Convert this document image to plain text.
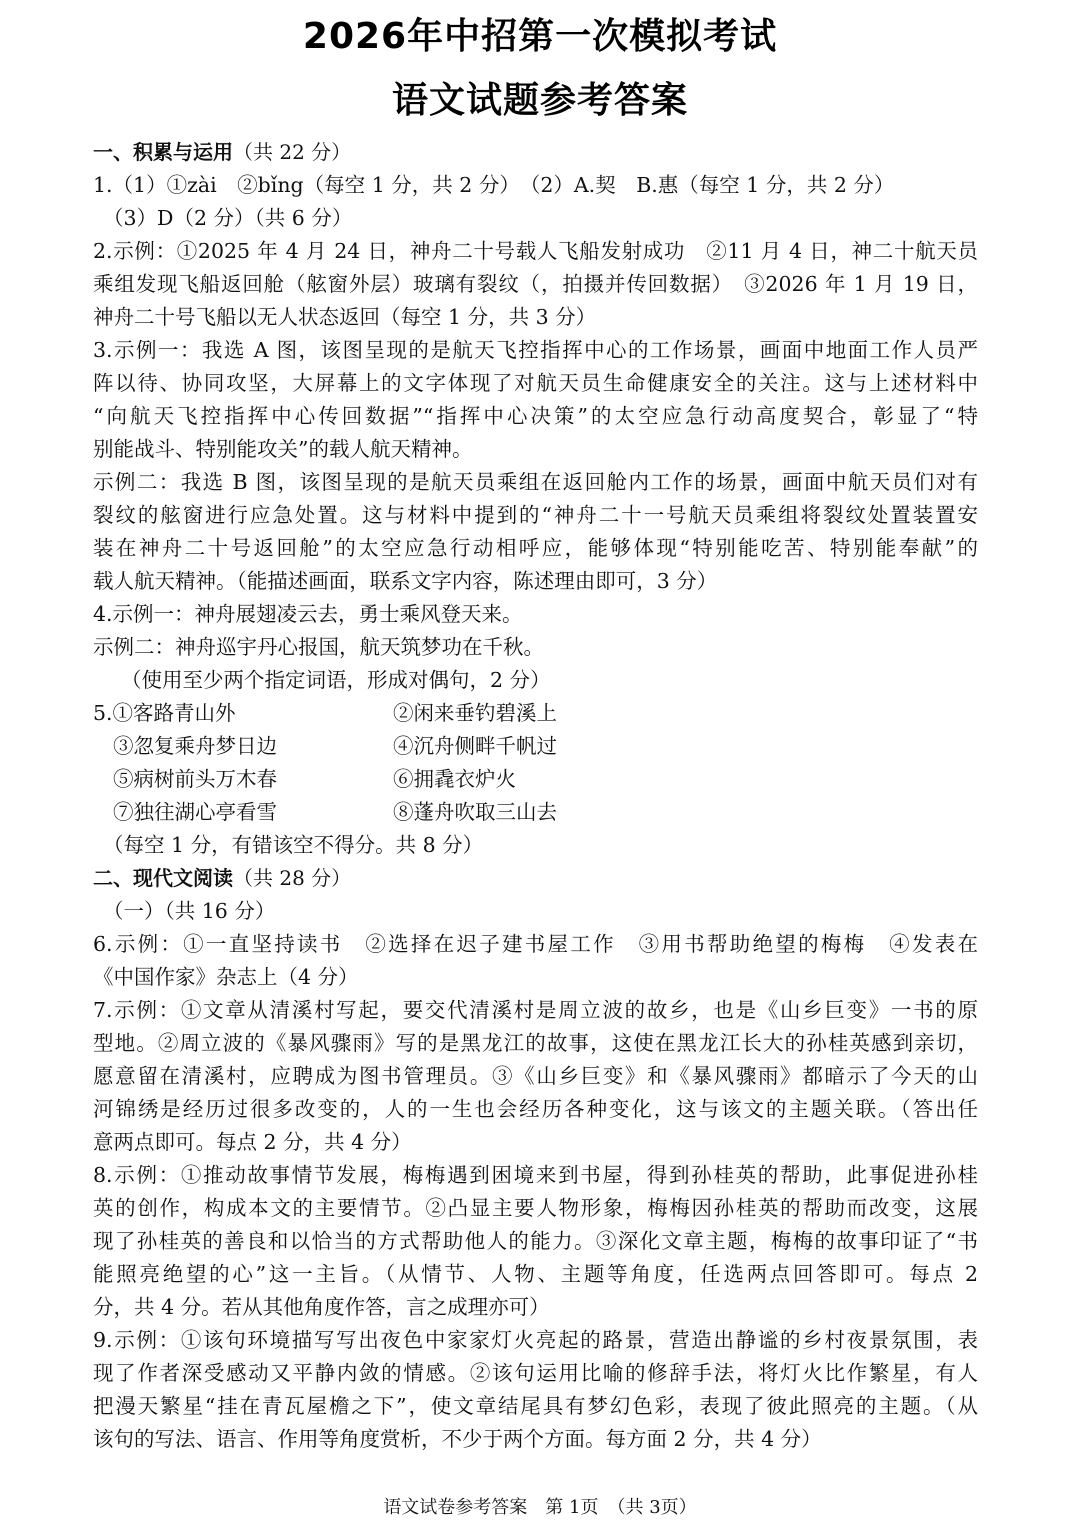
2026年中招第一次模拟考试
语文试题参考答案
一、积累与运用（共 22 分）
1.（1）①zài　②bǐng（每空 1 分，共 2 分）　（2）A.契　B.惠（每空 1 分，共 2 分）
（3）D（2 分）（共 6 分）
2.示例：①2025 年 4 月 24 日，神舟二十号载人飞船发射成功　②11 月 4 日，神二十航天员
乘组发现飞船返回舱（舷窗外层）玻璃有裂纹（，拍摄并传回数据）　③2026 年 1 月 19 日，
神舟二十号飞船以无人状态返回（每空 1 分，共 3 分）
3.示例一：我选 A 图，该图呈现的是航天飞控指挥中心的工作场景，画面中地面工作人员严
阵以待、协同攻坚，大屏幕上的文字体现了对航天员生命健康安全的关注。这与上述材料中
“向航天飞控指挥中心传回数据”“指挥中心决策”的太空应急行动高度契合，彰显了“特
别能战斗、特别能攻关”的载人航天精神。
示例二：我选 B 图，该图呈现的是航天员乘组在返回舱内工作的场景，画面中航天员们对有
裂纹的舷窗进行应急处置。这与材料中提到的“神舟二十一号航天员乘组将裂纹处置装置安
装在神舟二十号返回舱”的太空应急行动相呼应，能够体现“特别能吃苦、特别能奉献”的
载人航天精神。（能描述画面，联系文字内容，陈述理由即可，3 分）
4.示例一：神舟展翅凌云去，勇士乘风登天来。
示例二：神舟巡宇丹心报国，航天筑梦功在千秋。
（使用至少两个指定词语，形成对偶句，2 分）
5.①客路青山外	②闲来垂钓碧溪上
③忽复乘舟梦日边	④沉舟侧畔千帆过
⑤病树前头万木春	⑥拥毳衣炉火
⑦独往湖心亭看雪	⑧蓬舟吹取三山去
（每空 1 分，有错该空不得分。共 8 分）
二、现代文阅读（共 28 分）
（一）（共 16 分）
6.示例：①一直坚持读书　②选择在迟子建书屋工作　③用书帮助绝望的梅梅　④发表在
《中国作家》杂志上（4 分）
7.示例：①文章从清溪村写起，要交代清溪村是周立波的故乡，也是《山乡巨变》一书的原
型地。②周立波的《暴风骤雨》写的是黑龙江的故事，这使在黑龙江长大的孙桂英感到亲切，
愿意留在清溪村，应聘成为图书管理员。③《山乡巨变》和《暴风骤雨》都暗示了今天的山
河锦绣是经历过很多改变的，人的一生也会经历各种变化，这与该文的主题关联。（答出任
意两点即可。每点 2 分，共 4 分）
8.示例：①推动故事情节发展，梅梅遇到困境来到书屋，得到孙桂英的帮助，此事促进孙桂
英的创作，构成本文的主要情节。②凸显主要人物形象，梅梅因孙桂英的帮助而改变，这展
现了孙桂英的善良和以恰当的方式帮助他人的能力。③深化文章主题，梅梅的故事印证了“书
能照亮绝望的心”这一主旨。（从情节、人物、主题等角度，任选两点回答即可。每点 2
分，共 4 分。若从其他角度作答，言之成理亦可）
9.示例：①该句环境描写写出夜色中家家灯火亮起的路景，营造出静谧的乡村夜景氛围，表
现了作者深受感动又平静内敛的情感。②该句运用比喻的修辞手法，将灯火比作繁星，有人
把漫天繁星“挂在青瓦屋檐之下”，使文章结尾具有梦幻色彩，表现了彼此照亮的主题。（从
该句的写法、语言、作用等角度赏析，不少于两个方面。每方面 2 分，共 4 分）
语文试卷参考答案　第 1页　（共 3页）
